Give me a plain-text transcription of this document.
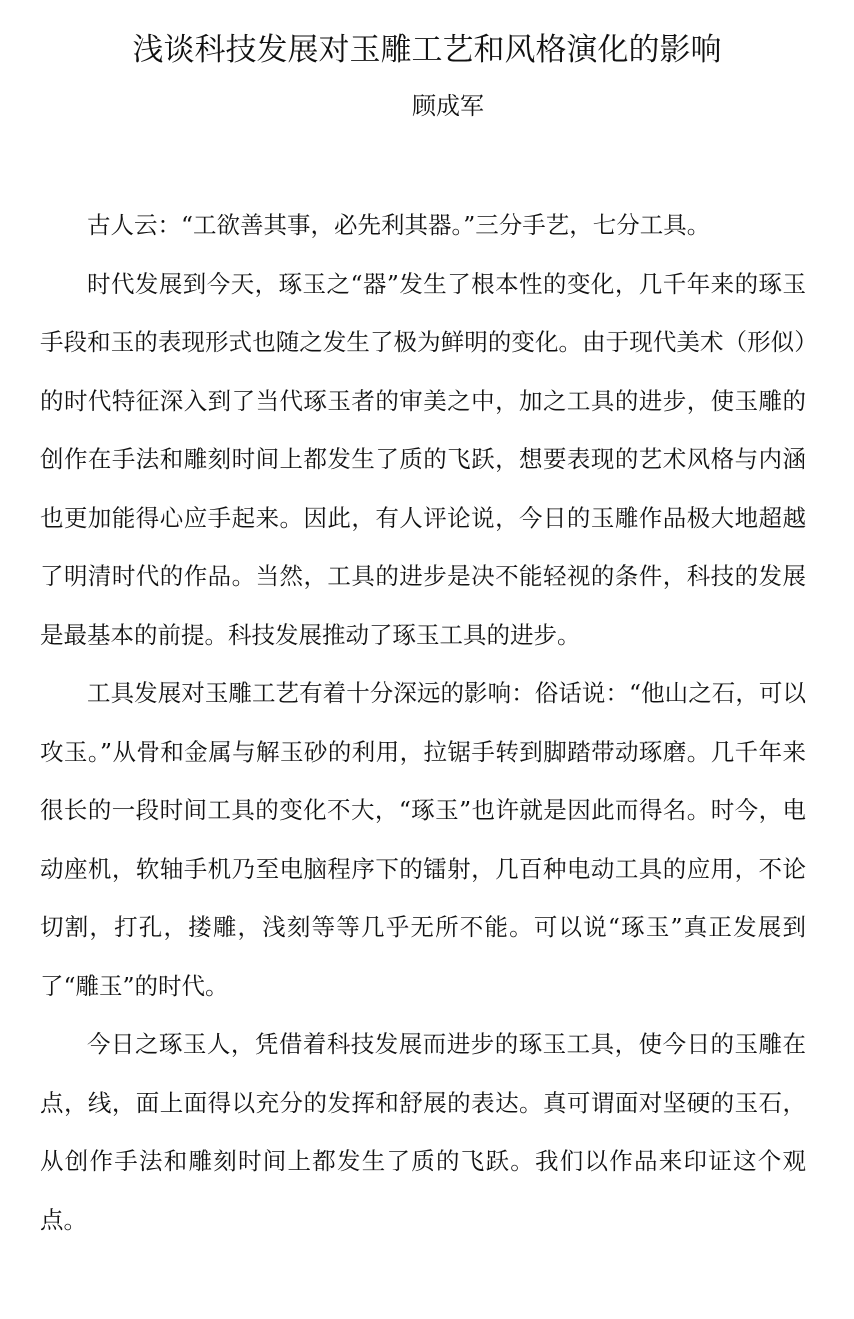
浅谈科技发展对玉雕工艺和风格演化的影响
顾成军

古人云：“工欲善其事，必先利其器。”三分手艺，七分工具。

时代发展到今天，琢玉之“器”发生了根本性的变化，几千年来的琢玉手段和玉的表现形式也随之发生了极为鲜明的变化。由于现代美术（形似）的时代特征深入到了当代琢玉者的审美之中，加之工具的进步，使玉雕的创作在手法和雕刻时间上都发生了质的飞跃，想要表现的艺术风格与内涵也更加能得心应手起来。因此，有人评论说，今日的玉雕作品极大地超越了明清时代的作品。当然，工具的进步是决不能轻视的条件，科技的发展是最基本的前提。科技发展推动了琢玉工具的进步。

工具发展对玉雕工艺有着十分深远的影响：俗话说：“他山之石，可以攻玉。”从骨和金属与解玉砂的利用，拉锯手转到脚踏带动琢磨。几千年来很长的一段时间工具的变化不大，“琢玉”也许就是因此而得名。时今，电动座机，软轴手机乃至电脑程序下的镭射，几百种电动工具的应用，不论切割，打孔，搂雕，浅刻等等几乎无所不能。可以说“琢玉”真正发展到了“雕玉”的时代。

今日之琢玉人，凭借着科技发展而进步的琢玉工具，使今日的玉雕在点，线，面上面得以充分的发挥和舒展的表达。真可谓面对坚硬的玉石，从创作手法和雕刻时间上都发生了质的飞跃。我们以作品来印证这个观点。
